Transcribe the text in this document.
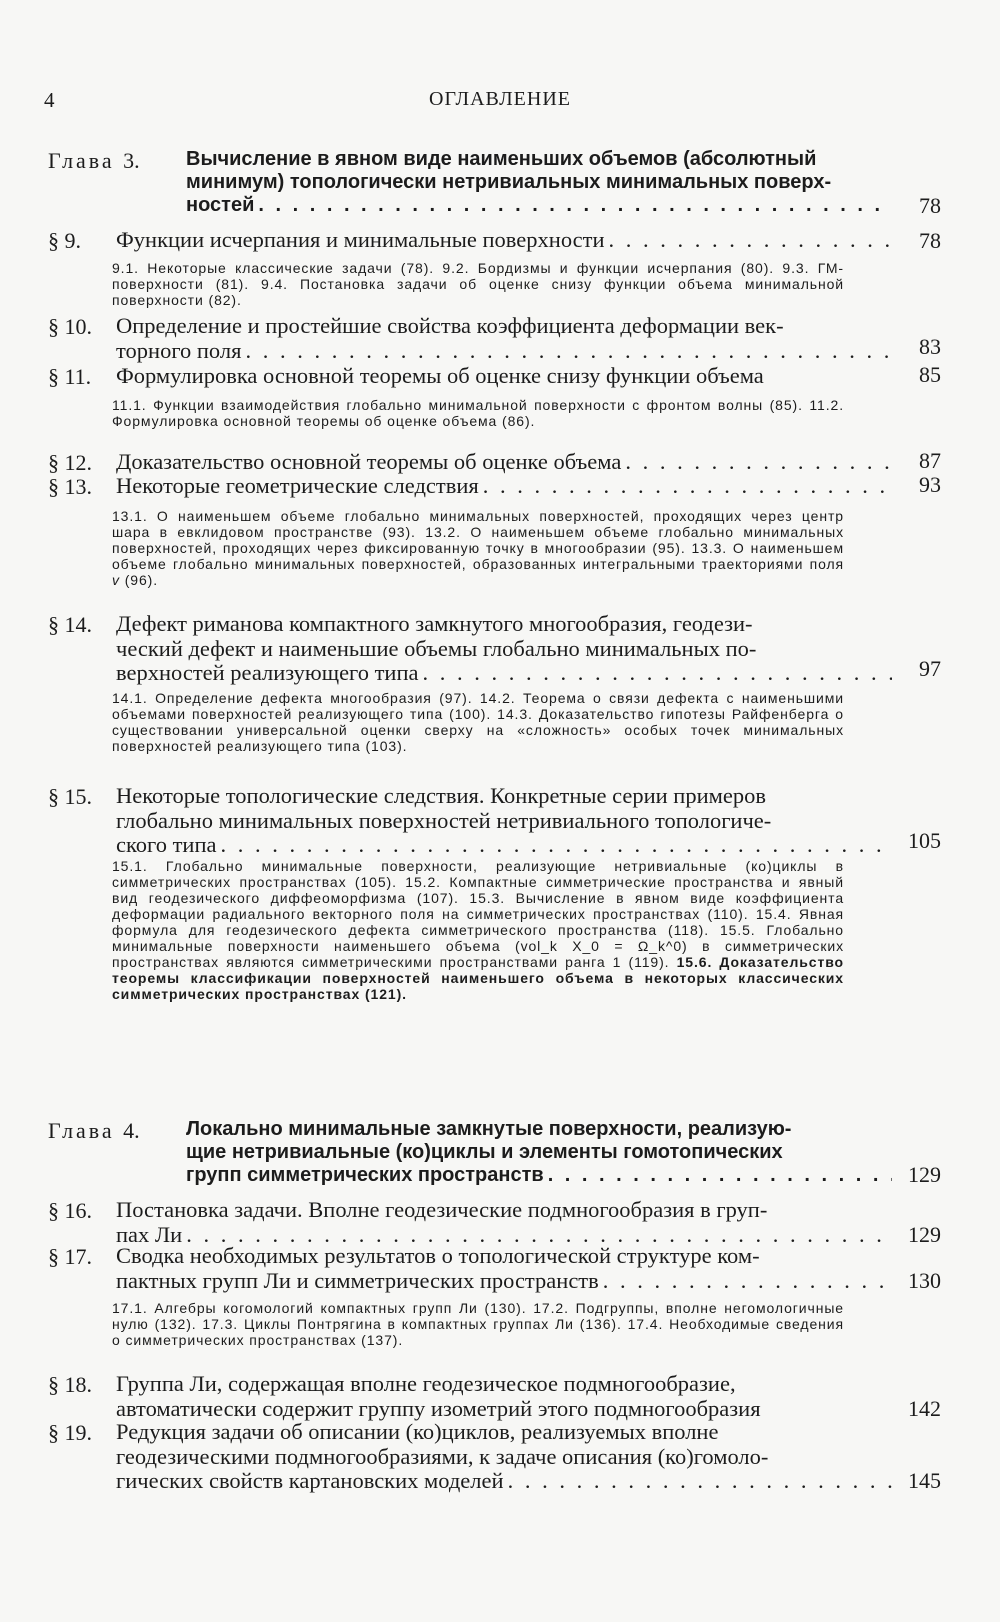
4	ОГЛАВЛЕНИЕ
Глава 3. Вычисление в явном виде наименьших объемов (абсолютный
минимум) топологически нетривиальных минимальных поверх-
ностей . . .	78
§ 9. Функции исчерпания и минимальные поверхности . . .	78
9.1. Некоторые классические задачи (78). 9.2. Бордизмы и функции исчерпания (80). 9.3. ГМ-поверхности (81). 9.4. Постановка задачи об оценке снизу функции объема минимальной поверхности (82).
§ 10. Определение и простейшие свойства коэффициента деформации век-
торного поля . . .	83
§ 11. Формулировка основной теоремы об оценке снизу функции объема	85
11.1. Функции взаимодействия глобально минимальной поверхности с фронтом волны (85). 11.2. Формулировка основной теоремы об оценке объема (86).
§ 12. Доказательство основной теоремы об оценке объема . . .	87
§ 13. Некоторые геометрические следствия . . .	93
13.1. О наименьшем объеме глобально минимальных поверхностей, проходящих через центр шара в евклидовом пространстве (93). 13.2. О наименьшем объеме глобально минимальных поверхностей, проходящих через фиксированную точку в многообразии (95). 13.3. О наименьшем объеме глобально минимальных поверхностей, образованных интегральными траекториями поля v (96).
§ 14. Дефект риманова компактного замкнутого многообразия, геодези-
ческий дефект и наименьшие объемы глобально минимальных по-
верхностей реализующего типа . . .	97
14.1. Определение дефекта многообразия (97). 14.2. Теорема о связи дефекта с наименьшими объемами поверхностей реализующего типа (100). 14.3. Доказательство гипотезы Райфенберга о существовании универсальной оценки сверху на «сложность» особых точек минимальных поверхностей реализующего типа (103).
§ 15. Некоторые топологические следствия. Конкретные серии примеров
глобально минимальных поверхностей нетривиального топологиче-
ского типа . . .	105
15.1. Глобально минимальные поверхности, реализующие нетривиальные (ко)циклы в симметрических пространствах (105). 15.2. Компактные симметрические пространства и явный вид геодезического диффеоморфизма (107). 15.3. Вычисление в явном виде коэффициента деформации радиального векторного поля на симметрических пространствах (110). 15.4. Явная формула для геодезического дефекта симметрического пространства (118). 15.5. Глобально минимальные поверхности наименьшего объема (vol_k X_0 = Ω_k^0) в симметрических пространствах являются симметрическими пространствами ранга 1 (119). 15.6. Доказательство теоремы классификации поверхностей наименьшего объема в некоторых классических симметрических пространствах (121).
Глава 4. Локально минимальные замкнутые поверхности, реализую-
щие нетривиальные (ко)циклы и элементы гомотопических
групп симметрических пространств . . .	129
§ 16. Постановка задачи. Вполне геодезические подмногообразия в груп-
пах Ли . . .	129
§ 17. Сводка необходимых результатов о топологической структуре ком-
пактных групп Ли и симметрических пространств . . .	130
17.1. Алгебры когомологий компактных групп Ли (130). 17.2. Подгруппы, вполне негомологичные нулю (132). 17.3. Циклы Понтрягина в компактных группах Ли (136). 17.4. Необходимые сведения о симметрических пространствах (137).
§ 18. Группа Ли, содержащая вполне геодезическое подмногообразие,
автоматически содержит группу изометрий этого подмногообразия	142
§ 19. Редукция задачи об описании (ко)циклов, реализуемых вполне
геодезическими подмногообразиями, к задаче описания (ко)гомоло-
гических свойств картановских моделей . . .	145
